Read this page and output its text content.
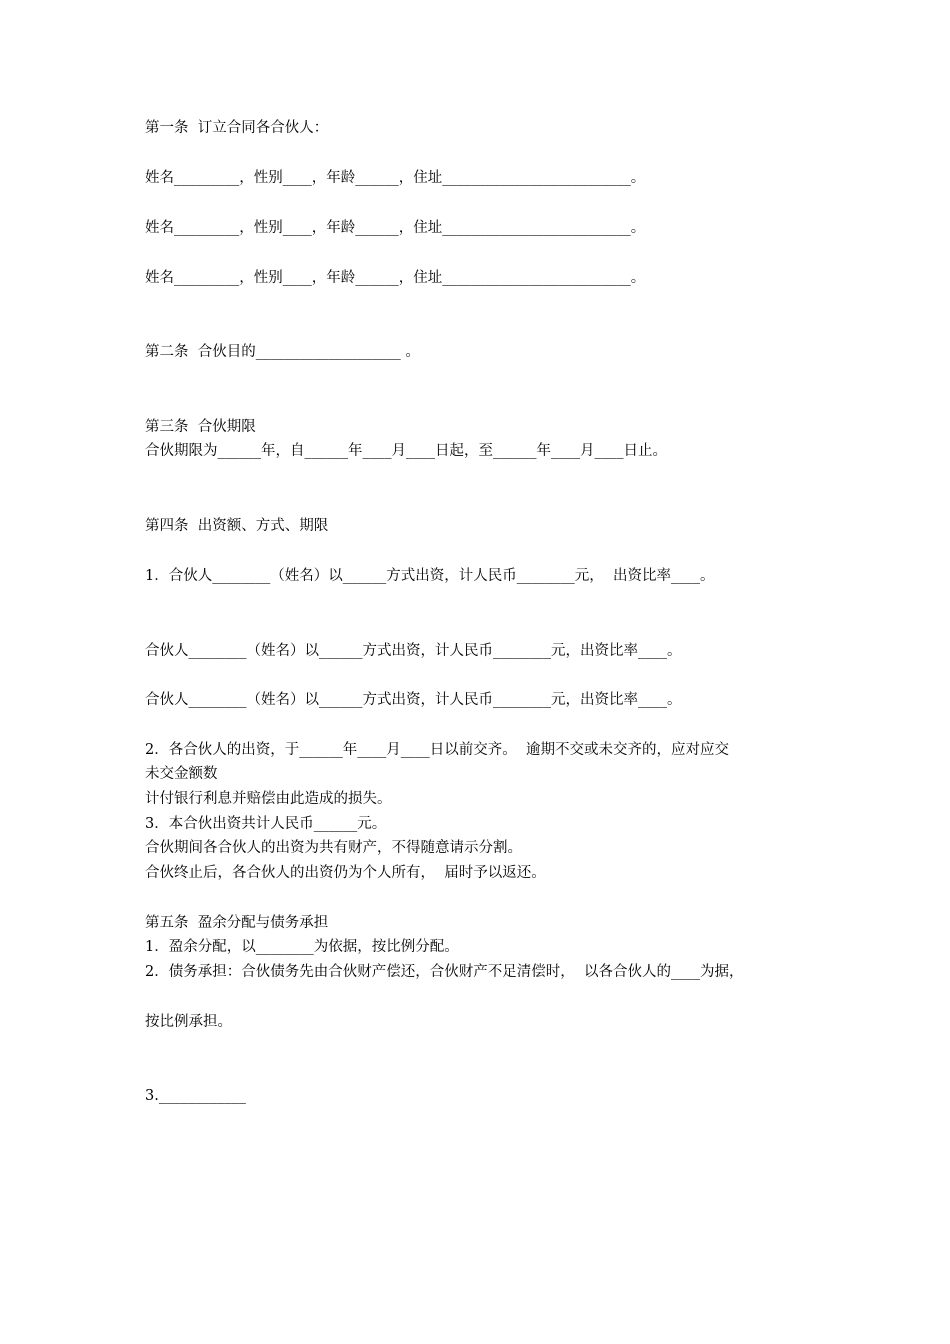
第一条  订立合同各合伙人：
姓名_________，性别____，年龄______，住址__________________________。
姓名_________，性别____，年龄______，住址__________________________。
姓名_________，性别____，年龄______，住址__________________________。
第二条  合伙目的____________________ 。
第三条  合伙期限
合伙期限为______年，自______年____月____日起，至______年____月____日止。
第四条  出资额、方式、期限
1．合伙人________（姓名）以______方式出资，计人民币________元，  出资比率____。
合伙人________（姓名）以______方式出资，计人民币________元，出资比率____。
合伙人________（姓名）以______方式出资，计人民币________元，出资比率____。
2．各合伙人的出资，于______年____月____日以前交齐。  逾期不交或未交齐的，应对应交
未交金额数
计付银行利息并赔偿由此造成的损失。
3．本合伙出资共计人民币______元。
合伙期间各合伙人的出资为共有财产，不得随意请示分割。
合伙终止后，各合伙人的出资仍为个人所有，  届时予以返还。
第五条  盈余分配与债务承担
1．盈余分配，以________为依据，按比例分配。
2．债务承担：合伙债务先由合伙财产偿还，合伙财产不足清偿时，  以各合伙人的____为据，
按比例承担。
3.____________
